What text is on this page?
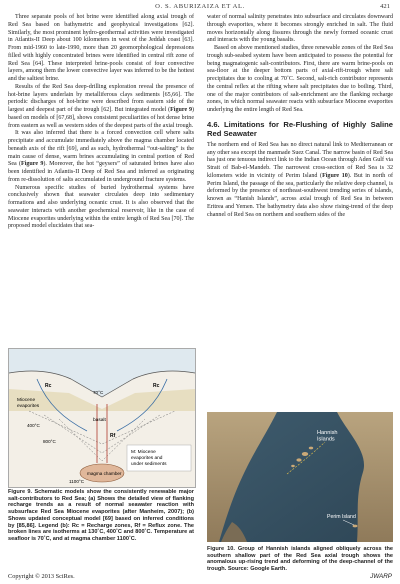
O. S. ABURIZAIZA ET AL.	421

Three separate pools of hot brine were identified along axial trough of Red Sea based on bathymetric and geophysical investigations [62]. Similarly, the most prominent hydro-geothermal activities were investigated in Atlantis-II Deep about 100 kilometers in west of the Jeddah coast [63]. From mid-1960 to late-1990, more than 20 geomorphological depressions filled with highly concentrated brines were identified in central rift zone of Red Sea [64]. These interpreted brine-pools consist of four convective layers, among them the lower convective layer was inferred to be the hottest and the saltiest brine.

Results of the Red Sea deep-drilling exploration reveal the presence of hot-brine layers underlain by metalliferous clays sediments [65,66]. The periodic discharges of hot-brine were described from eastern side of the largest and deepest part of the trough [62]. But integrated model (Figure 9) based on models of [67,68], shows consistent peculiarities of hot dense brine from eastern as well as western sides of the deepest parts of the axial trough.

It was also inferred that there is a forced convection cell where salts precipitate and accumulate immediately above the magma chamber located beneath axis of the rift [69], and as such, hydrothermal “out-salting” is the main cause of dense, warm brines accumulating in central portion of Red Sea (Figure 9). Moreover, the hot “geysers” of saturated brines have also been identified in Atlantis-II Deep of Red Sea and inferred as originating from re-dissolution of salts accumulated in underground fracture systems.

Numerous specific studies of buried hydrothermal systems have conclusively shown that seawater circulates deep into sedimentary formations and also underlying oceanic crust. It is also observed that the seawater interacts with another geochemical reservoir, like in the case of Miocene evaporites underlying within the entire length of Red Sea [70]. The proposed model elucidates that sea-

water of normal salinity penetrates into subsurface and circulates downward through evaporites, where it becomes strongly enriched in salt. The fluid moves horizontally along fissures through the newly formed oceanic crust and interacts with the young basalts.

Based on above mentioned studies, three renewable zones of the Red Sea trough sub-seabed system have been anticipated to possess the potential for being magmatogenic salt-contributors. First, there are warm brine-pools on sea-floor at the deeper bottom parts of axial-rift-trough where salt precipitates due to cooling at 70˚C. Second, salt-rich contributor represents the central reflex at the rifting where salt precipitates due to boiling. Third, one of the major contributors of salt-enrichment are the flanking recharge zones, in which normal seawater reacts with subsurface Miocene evaporites underlying the entire length of Red Sea.

4.6. Limitations for Re-Flushing of Highly Saline Red Seawater

The northern end of Red Sea has no direct natural link to Mediterranean or any other sea except the manmade Suez Canal. The narrow basin of Red Sea has just one tenuous indirect link to the Indian Ocean through Aden Gulf via Strait of Bab-el-Mandeb. The narrowest cross-section of Red Sea is 32 kilometers wide in vicinity of Perim Island (Figure 10). But in north of Perim Island, the passage of the sea, particularly the relative deep channel, is deformed by the presence of northeast-southwest trending series of islands, known as “Hanish Islands”, across axial trough of Red Sea in between Eritrea and Yemen. The bathymetry data also show rising-trend of the deep channel of Red Sea on northern and southern sides of the

M: Miocene
evaporites and
under sediments
Miocene
evaporites
basalt
70°C
400°C
800°C
1100°C
Rc	Rc
Rf
magma chamber
Figure 9. Schematic models show the consistently renewable major salt-contributors to Red Sea; (a) Shows the detailed view of flanking recharge trends as a result of normal seawater reaction with subsurface Red Sea Miocene evaporites (after Manheim, 2007); (b) Shows updated conceptual model [69] based on inferred conditions by [85,86]. Legend (b): Rc = Recharge zones, Rf = Reflux zone. The broken lines are isotherms at 130˚C, 400˚C and 800˚C. Temperature at seafloor is 70˚C, and at magma chamber 1100˚C.
Hannish
Islands
Perim Island
Figure 10. Group of Hannish islands aligned obliquely across the southern shallow part of the Red Sea axial trough shows the anomalous up-rising trend and deforming of the deep-channel of the trough. Source: Google Earth.
Copyright © 2013 SciRes.	JWARP
